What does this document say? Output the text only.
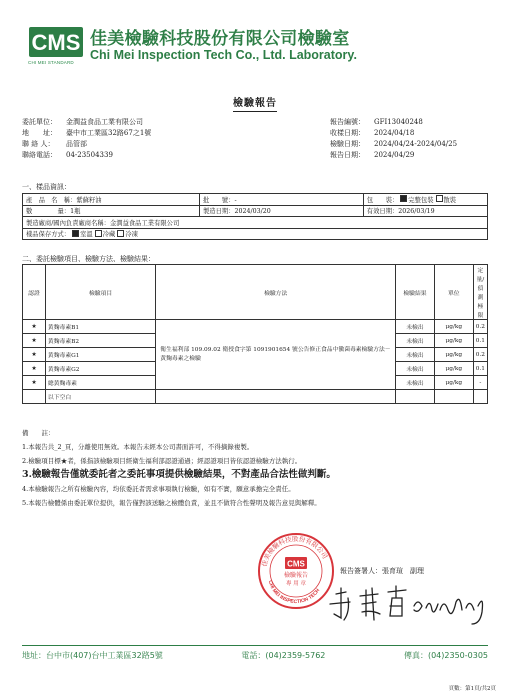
CMS
CHI MEI STANDARD
佳美檢驗科技股份有限公司檢驗室
Chi Mei Inspection Tech Co., Ltd. Laboratory.
檢驗報告
委託單位：	金潤益食品工業有限公司
地　　址：	臺中市工業區32路67之1號
聯 絡 人：	品管部
聯絡電話：	04-23504339
報告編號：	GFI13040248
收樣日期：	2024/04/18
檢驗日期：	2024/04/24-2024/04/25
報告日期：	2024/04/29
一、樣品資訊：
產　品　名　稱：紫蘇籽油	批　　號：-	包　　裝： 完整包裝 散裝
數　　　　量：1瓶	製造日期：2024/03/20	有效日期：2026/03/19
製造廠商/國內負責廠商名稱：金潤益食品工業有限公司		
樣品保存方式： 室溫 冷藏 冷凍		
二、委託檢驗項目、檢驗方法、檢驗結果：
認證	檢驗項目	檢驗方法	檢驗結果	單位	定量/偵測極限
★	黃麴毒素B1	衛生福利部 109.09.02 衛授食字第 1091901654 號公告修正食品中黴菌毒素檢驗方法－黃麴毒素之檢驗	未檢出	μg/kg	0.2
★	黃麴毒素B2		未檢出	μg/kg	0.1
★	黃麴毒素G1		未檢出	μg/kg	0.2
★	黃麴毒素G2		未檢出	μg/kg	0.1
★	總黃麴毒素		未檢出	μg/kg	-
	以下空白				
備　　註：
1.本報告共_2_頁，分離使用無效。本報告未經本公司書面許可，不得摘錄複製。
2.檢驗項目標★者，係指該檢驗項目經衛生福利部認證通過；經認證項目皆依認證檢驗方法執行。
3.檢驗報告僅就委託者之委託事項提供檢驗結果，不對產品合法性做判斷。
4.本檢驗報告之所有檢驗內容，均依委託者需求事項執行檢驗，如有不實，願意承擔完全責任。
5.本報告檢體係由委託單位提供，報告僅對該送驗之檢體負責，並且不做符合性聲明及報告意見與解釋。
佳美檢驗科技股份有限公司
CHI MEI INSPECTION TECH
CMS
檢驗報告
專 用 章
報告簽署人：張育瑄　副理
地址：台中市(407)台中工業區32路5號	電話：(04)2359-5762	傳真：(04)2350-0305
頁數：第1頁/共2頁
